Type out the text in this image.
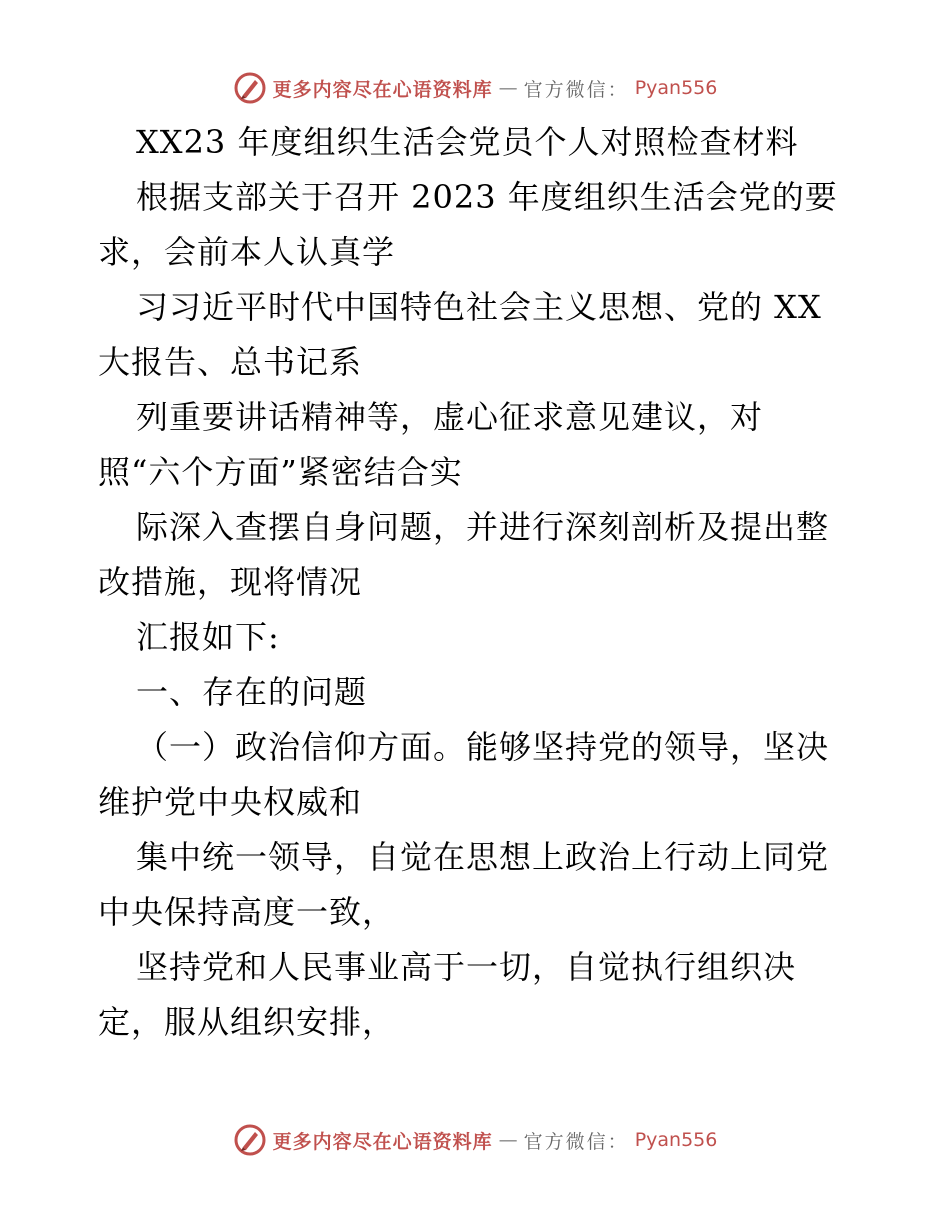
更多内容尽在心语资料库 — 官方微信： Pyan556

XX23 年度组织生活会党员个人对照检查材料

根据支部关于召开 2023 年度组织生活会党的要

求，会前本人认真学

习习近平时代中国特色社会主义思想、党的 XX

大报告、总书记系

列重要讲话精神等，虚心征求意见建议，对

照“六个方面”紧密结合实

际深入查摆自身问题，并进行深刻剖析及提出整

改措施，现将情况

汇报如下:

一、存在的问题

（一）政治信仰方面。能够坚持党的领导，坚决

维护党中央权威和

集中统一领导，自觉在思想上政治上行动上同党

中央保持高度一致，

坚持党和人民事业高于一切，自觉执行组织决

定，服从组织安排，

更多内容尽在心语资料库 — 官方微信： Pyan556
